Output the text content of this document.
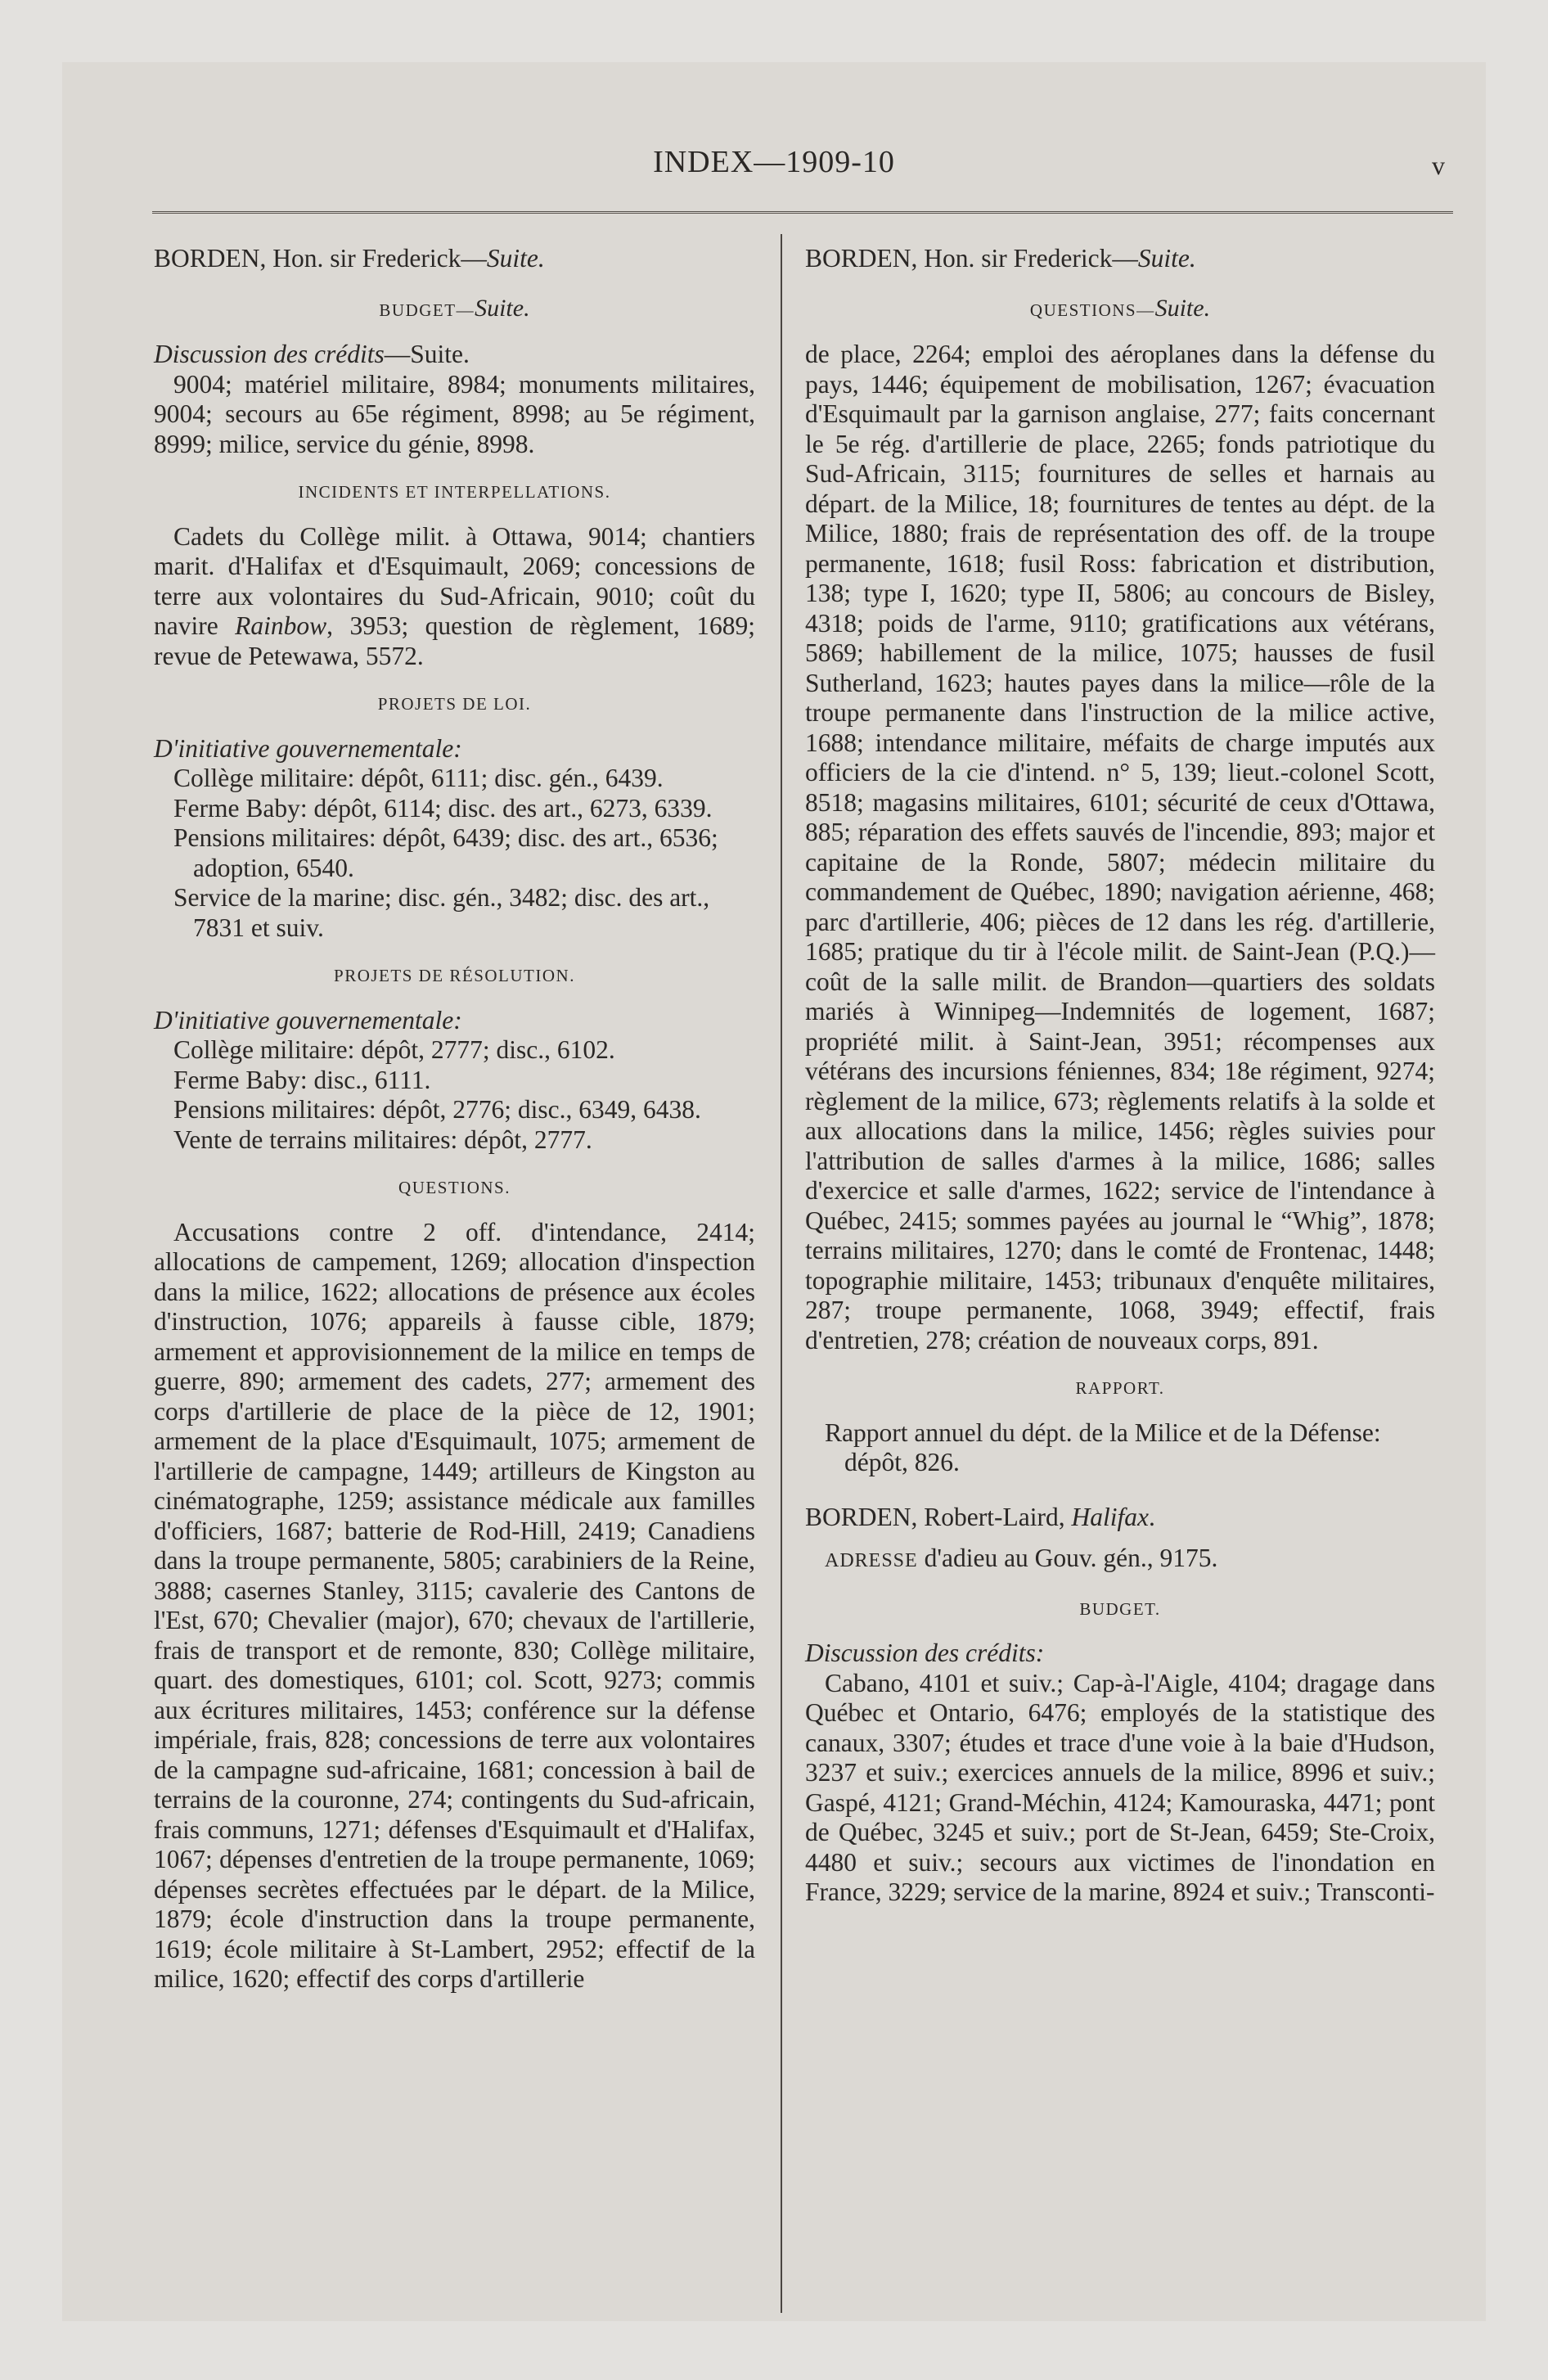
INDEX—1909-10	v

BORDEN, Hon. sir Frederick—Suite.

BUDGET—Suite.

Discussion des crédits—Suite.

9004; matériel militaire, 8984; monuments militaires, 9004; secours au 65e régiment, 8998; au 5e régiment, 8999; milice, service du génie, 8998.

INCIDENTS ET INTERPELLATIONS.

Cadets du Collège milit. à Ottawa, 9014; chantiers marit. d'Halifax et d'Esquimault, 2069; concessions de terre aux volontaires du Sud-Africain, 9010; coût du navire Rainbow, 3953; question de règlement, 1689; revue de Petewawa, 5572.

PROJETS DE LOI.

D'initiative gouvernementale:

Collège militaire: dépôt, 6111; disc. gén., 6439.

Ferme Baby: dépôt, 6114; disc. des art., 6273, 6339.

Pensions militaires: dépôt, 6439; disc. des art., 6536; adoption, 6540.

Service de la marine; disc. gén., 3482; disc. des art., 7831 et suiv.

PROJETS DE RÉSOLUTION.

D'initiative gouvernementale:

Collège militaire: dépôt, 2777; disc., 6102.

Ferme Baby: disc., 6111.

Pensions militaires: dépôt, 2776; disc., 6349, 6438.

Vente de terrains militaires: dépôt, 2777.

QUESTIONS.

Accusations contre 2 off. d'intendance, 2414; allocations de campement, 1269; allocation d'inspection dans la milice, 1622; allocations de présence aux écoles d'instruction, 1076; appareils à fausse cible, 1879; armement et approvisionnement de la milice en temps de guerre, 890; armement des cadets, 277; armement des corps d'artillerie de place de la pièce de 12, 1901; armement de la place d'Esquimault, 1075; armement de l'artillerie de campagne, 1449; artilleurs de Kingston au cinématographe, 1259; assistance médicale aux familles d'officiers, 1687; batterie de Rod-Hill, 2419; Canadiens dans la troupe permanente, 5805; carabiniers de la Reine, 3888; casernes Stanley, 3115; cavalerie des Cantons de l'Est, 670; Chevalier (major), 670; chevaux de l'artillerie, frais de transport et de remonte, 830; Collège militaire, quart. des domestiques, 6101; col. Scott, 9273; commis aux écritures militaires, 1453; conférence sur la défense impériale, frais, 828; concessions de terre aux volontaires de la campagne sud-africaine, 1681; concession à bail de terrains de la couronne, 274; contingents du Sud-africain, frais communs, 1271; défenses d'Esquimault et d'Halifax, 1067; dépenses d'entretien de la troupe permanente, 1069; dépenses secrètes effectuées par le départ. de la Milice, 1879; école d'instruction dans la troupe permanente, 1619; école militaire à St-Lambert, 2952; effectif de la milice, 1620; effectif des corps d'artillerie

BORDEN, Hon. sir Frederick—Suite.

QUESTIONS—Suite.

de place, 2264; emploi des aéroplanes dans la défense du pays, 1446; équipement de mobilisation, 1267; évacuation d'Esquimault par la garnison anglaise, 277; faits concernant le 5e rég. d'artillerie de place, 2265; fonds patriotique du Sud-Africain, 3115; fournitures de selles et harnais au départ. de la Milice, 18; fournitures de tentes au dépt. de la Milice, 1880; frais de représentation des off. de la troupe permanente, 1618; fusil Ross: fabrication et distribution, 138; type I, 1620; type II, 5806; au concours de Bisley, 4318; poids de l'arme, 9110; gratifications aux vétérans, 5869; habillement de la milice, 1075; hausses de fusil Sutherland, 1623; hautes payes dans la milice—rôle de la troupe permanente dans l'instruction de la milice active, 1688; intendance militaire, méfaits de charge imputés aux officiers de la cie d'intend. n° 5, 139; lieut.-colonel Scott, 8518; magasins militaires, 6101; sécurité de ceux d'Ottawa, 885; réparation des effets sauvés de l'incendie, 893; major et capitaine de la Ronde, 5807; médecin militaire du commandement de Québec, 1890; navigation aérienne, 468; parc d'artillerie, 406; pièces de 12 dans les rég. d'artillerie, 1685; pratique du tir à l'école milit. de Saint-Jean (P.Q.)—coût de la salle milit. de Brandon—quartiers des soldats mariés à Winnipeg—Indemnités de logement, 1687; propriété milit. à Saint-Jean, 3951; récompenses aux vétérans des incursions féniennes, 834; 18e régiment, 9274; règlement de la milice, 673; règlements relatifs à la solde et aux allocations dans la milice, 1456; règles suivies pour l'attribution de salles d'armes à la milice, 1686; salles d'exercice et salle d'armes, 1622; service de l'intendance à Québec, 2415; sommes payées au journal le “Whig”, 1878; terrains militaires, 1270; dans le comté de Frontenac, 1448; topographie militaire, 1453; tribunaux d'enquête militaires, 287; troupe permanente, 1068, 3949; effectif, frais d'entretien, 278; création de nouveaux corps, 891.

RAPPORT.

Rapport annuel du dépt. de la Milice et de la Défense: dépôt, 826.

BORDEN, Robert-Laird, Halifax.

ADRESSE d'adieu au Gouv. gén., 9175.

BUDGET.

Discussion des crédits:

Cabano, 4101 et suiv.; Cap-à-l'Aigle, 4104; dragage dans Québec et Ontario, 6476; employés de la statistique des canaux, 3307; études et trace d'une voie à la baie d'Hudson, 3237 et suiv.; exercices annuels de la milice, 8996 et suiv.; Gaspé, 4121; Grand-Méchin, 4124; Kamouraska, 4471; pont de Québec, 3245 et suiv.; port de St-Jean, 6459; Ste-Croix, 4480 et suiv.; secours aux victimes de l'inondation en France, 3229; service de la marine, 8924 et suiv.; Transconti-
